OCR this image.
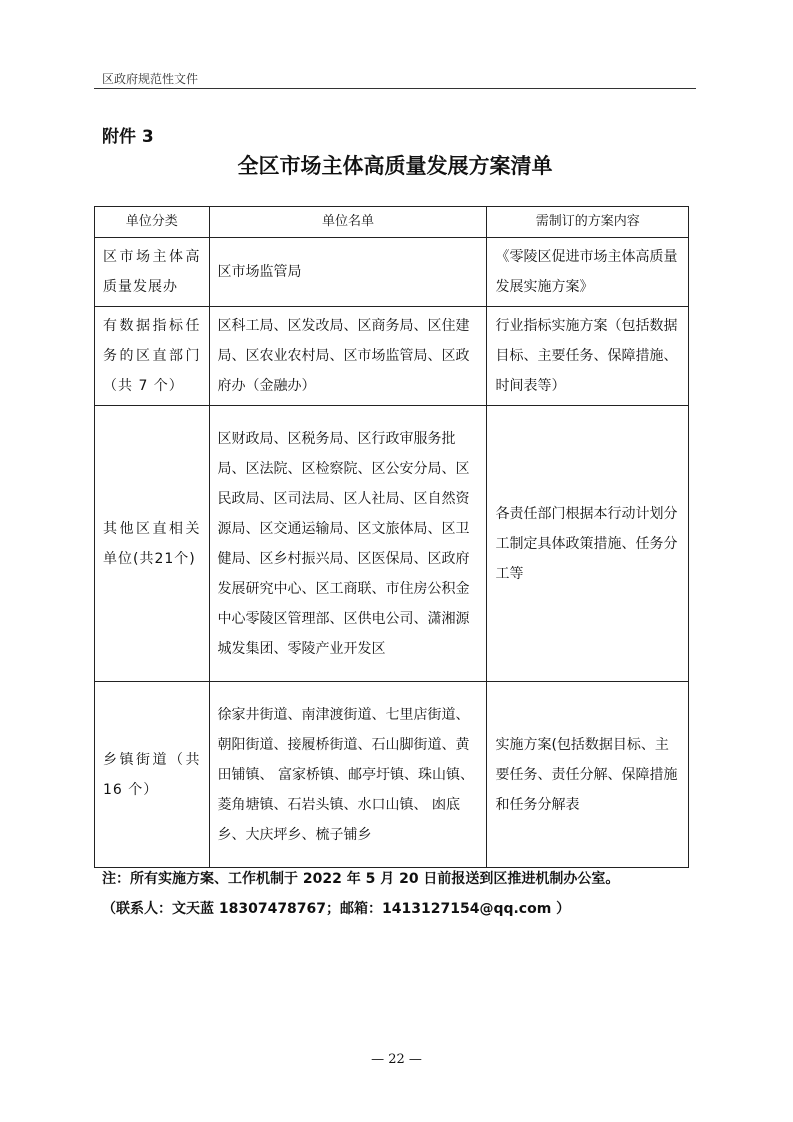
区政府规范性文件
附件 3
全区市场主体高质量发展方案清单
单位分类	单位名单	需制订的方案内容
区市场主体高质量发展办	区市场监管局	《零陵区促进市场主体高质量发展实施方案》
有数据指标任务的区直部门（共 7 个）	区科工局、区发改局、区商务局、区住建局、区农业农村局、区市场监管局、区政府办（金融办）	行业指标实施方案（包括数据目标、主要任务、保障措施、时间表等）
其他区直相关单位(共21个)	区财政局、区税务局、区行政审服务批局、区法院、区检察院、区公安分局、区民政局、区司法局、区人社局、区自然资源局、区交通运输局、区文旅体局、区卫健局、区乡村振兴局、区医保局、区政府发展研究中心、区工商联、市住房公积金中心零陵区管理部、区供电公司、潇湘源城发集团、零陵产业开发区	各责任部门根据本行动计划分工制定具体政策措施、任务分工等
乡镇街道（共 16 个）	徐家井街道、南津渡街道、七里店街道、 朝阳街道、接履桥街道、石山脚街道、黄田铺镇、 富家桥镇、邮亭圩镇、珠山镇、菱角塘镇、石岩头镇、水口山镇、 凼底乡、大庆坪乡、梳子铺乡	实施方案(包括数据目标、主要任务、责任分解、保障措施和任务分解表
注：所有实施方案、工作机制于 2022 年 5 月 20 日前报送到区推进机制办公室。
（联系人：文天蓝 18307478767；邮箱：1413127154@qq.com ）
— 22 —
